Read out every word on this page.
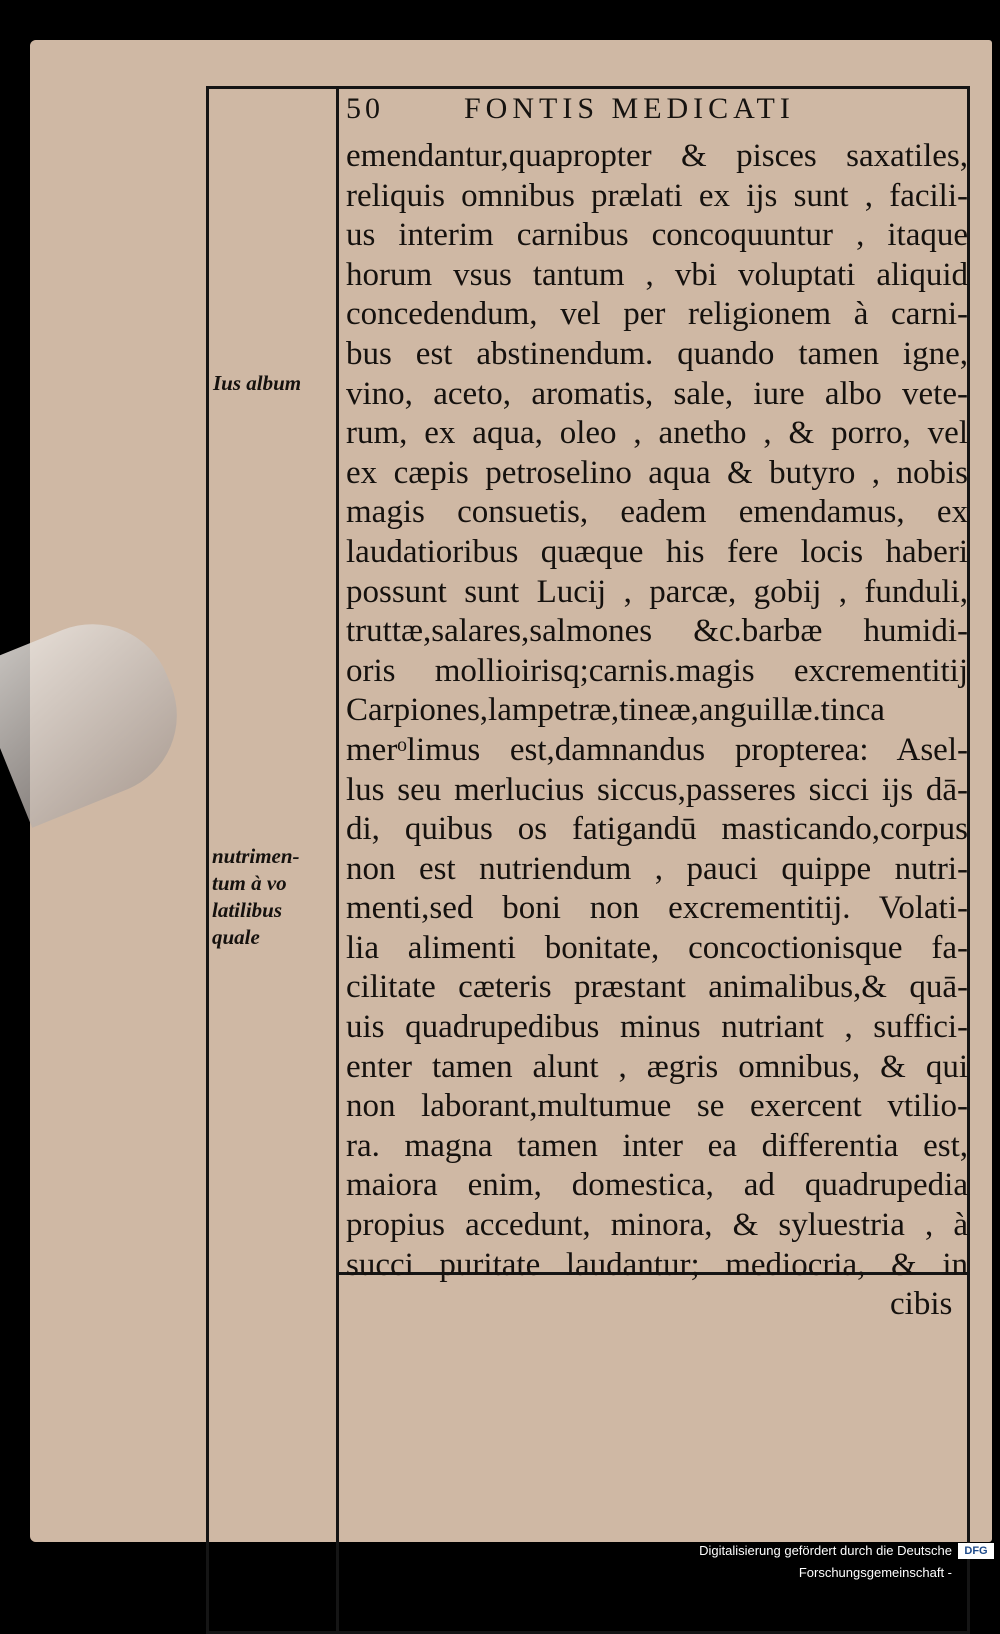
50	FONTIS MEDICATI
emendantur,quapropter & pisces saxatiles,
reliquis omnibus prælati ex ijs sunt , facili-
us interim carnibus concoquuntur , itaque
horum vsus tantum , vbi voluptati aliquid
concedendum, vel per religionem à carni-
bus est abstinendum. quando tamen igne,
vino, aceto, aromatis, sale, iure albo vete-
rum, ex aqua, oleo , anetho , & porro, vel
ex cæpis petroselino aqua & butyro , nobis
magis consuetis, eadem emendamus, ex
laudatioribus quæque his fere locis haberi
possunt sunt Lucij , parcæ, gobij , funduli,
truttæ,salares,salmones &c.barbæ humidi-
oris mollioirisq;carnis.magis excrementitij
Carpiones,lampetræ,tineæ,anguillæ.tinca
merᵒlimus est,damnandus propterea: Asel-
lus seu merlucius siccus,passeres sicci ijs dā-
di, quibus os fatigandū masticando,corpus
non est nutriendum , pauci quippe nutri-
menti,sed boni non excrementitij. Volati-
lia alimenti bonitate, concoctionisque fa-
cilitate cæteris præstant animalibus,& quā-
uis quadrupedibus minus nutriant , suffici-
enter tamen alunt , ægris omnibus, & qui
non laborant,multumue se exercent vtilio-
ra. magna tamen inter ea differentia est,
maiora enim, domestica, ad quadrupedia
propius accedunt, minora, & syluestria , à
succi puritate laudantur; mediocria, & in
cibis
Ius album
nutrimen-
tum à vo
latilibus
quale
Digitalisierung gefördert durch die Deutsche Forschungsgemeinschaft -
DFG
